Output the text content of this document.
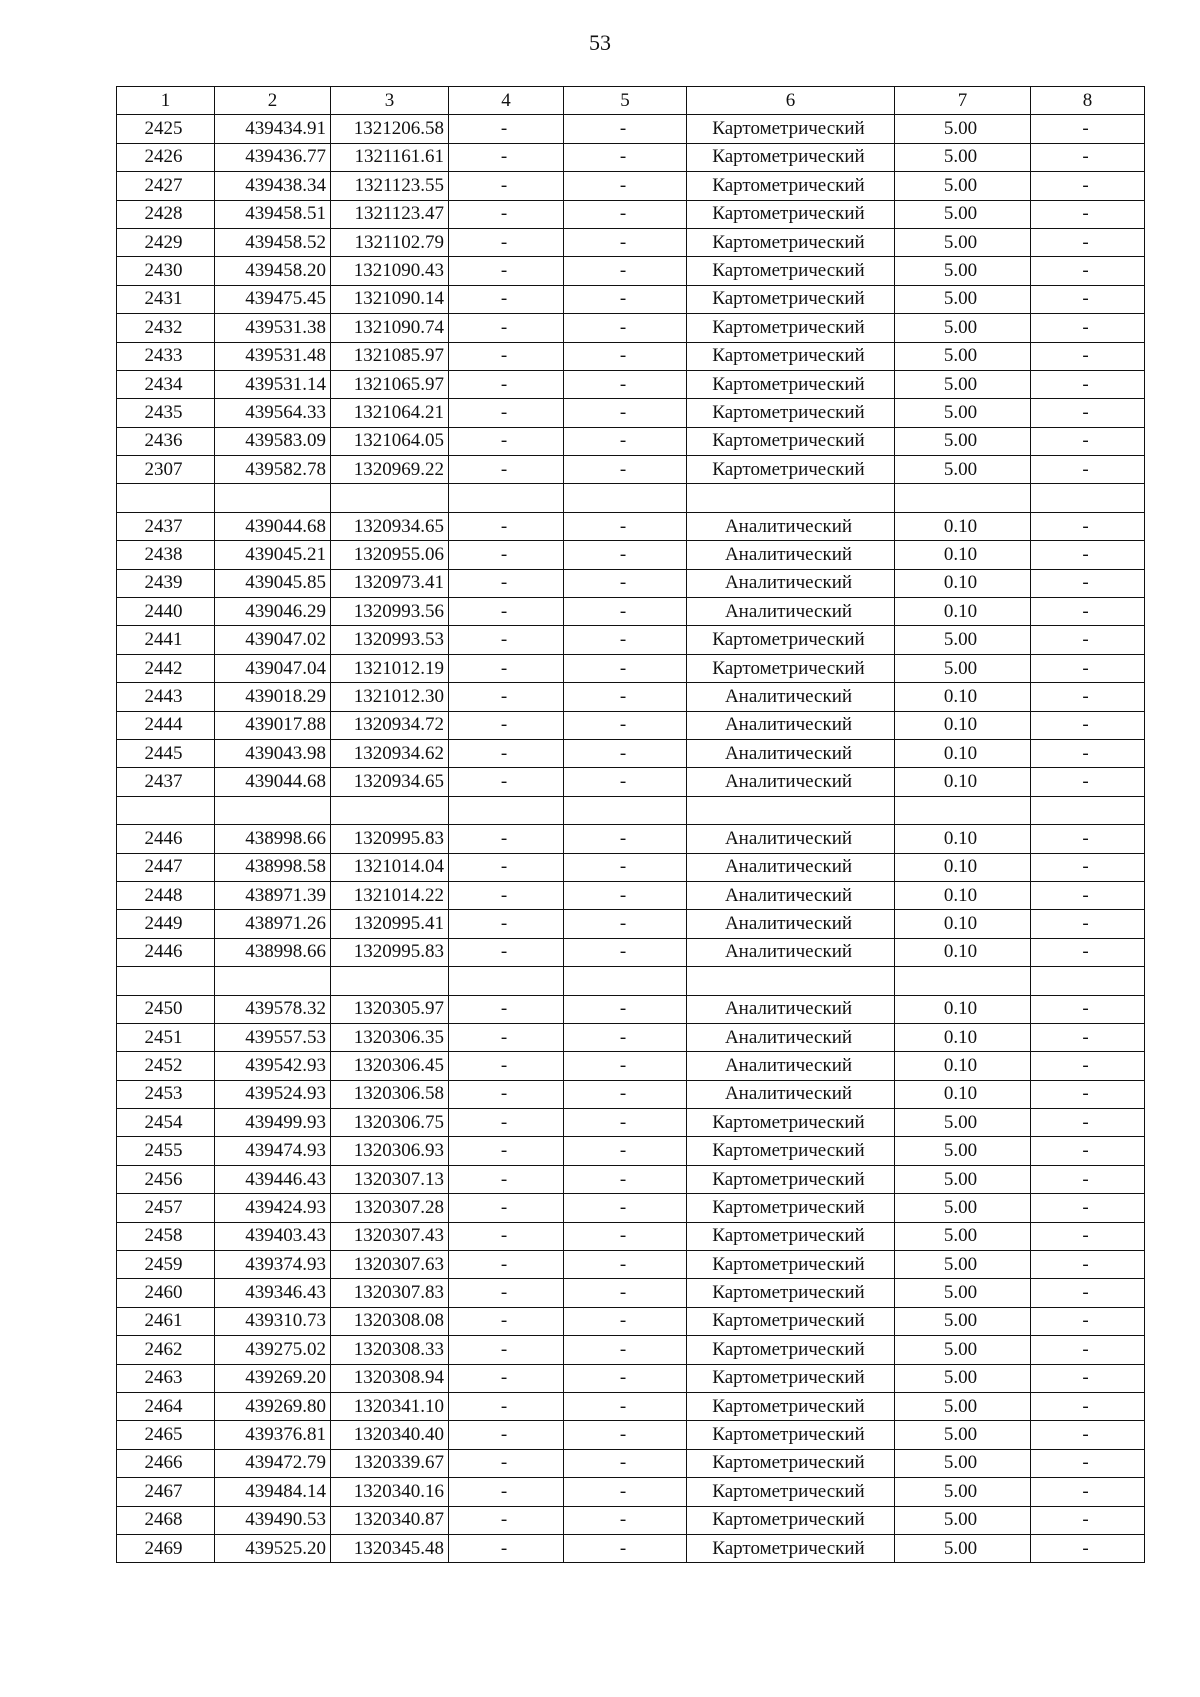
53
1	2	3	4	5	6	7	8
2425	439434.91	1321206.58	-	-	Картометрический	5.00	-
2426	439436.77	1321161.61	-	-	Картометрический	5.00	-
2427	439438.34	1321123.55	-	-	Картометрический	5.00	-
2428	439458.51	1321123.47	-	-	Картометрический	5.00	-
2429	439458.52	1321102.79	-	-	Картометрический	5.00	-
2430	439458.20	1321090.43	-	-	Картометрический	5.00	-
2431	439475.45	1321090.14	-	-	Картометрический	5.00	-
2432	439531.38	1321090.74	-	-	Картометрический	5.00	-
2433	439531.48	1321085.97	-	-	Картометрический	5.00	-
2434	439531.14	1321065.97	-	-	Картометрический	5.00	-
2435	439564.33	1321064.21	-	-	Картометрический	5.00	-
2436	439583.09	1321064.05	-	-	Картометрический	5.00	-
2307	439582.78	1320969.22	-	-	Картометрический	5.00	-

2437	439044.68	1320934.65	-	-	Аналитический	0.10	-
2438	439045.21	1320955.06	-	-	Аналитический	0.10	-
2439	439045.85	1320973.41	-	-	Аналитический	0.10	-
2440	439046.29	1320993.56	-	-	Аналитический	0.10	-
2441	439047.02	1320993.53	-	-	Картометрический	5.00	-
2442	439047.04	1321012.19	-	-	Картометрический	5.00	-
2443	439018.29	1321012.30	-	-	Аналитический	0.10	-
2444	439017.88	1320934.72	-	-	Аналитический	0.10	-
2445	439043.98	1320934.62	-	-	Аналитический	0.10	-
2437	439044.68	1320934.65	-	-	Аналитический	0.10	-

2446	438998.66	1320995.83	-	-	Аналитический	0.10	-
2447	438998.58	1321014.04	-	-	Аналитический	0.10	-
2448	438971.39	1321014.22	-	-	Аналитический	0.10	-
2449	438971.26	1320995.41	-	-	Аналитический	0.10	-
2446	438998.66	1320995.83	-	-	Аналитический	0.10	-

2450	439578.32	1320305.97	-	-	Аналитический	0.10	-
2451	439557.53	1320306.35	-	-	Аналитический	0.10	-
2452	439542.93	1320306.45	-	-	Аналитический	0.10	-
2453	439524.93	1320306.58	-	-	Аналитический	0.10	-
2454	439499.93	1320306.75	-	-	Картометрический	5.00	-
2455	439474.93	1320306.93	-	-	Картометрический	5.00	-
2456	439446.43	1320307.13	-	-	Картометрический	5.00	-
2457	439424.93	1320307.28	-	-	Картометрический	5.00	-
2458	439403.43	1320307.43	-	-	Картометрический	5.00	-
2459	439374.93	1320307.63	-	-	Картометрический	5.00	-
2460	439346.43	1320307.83	-	-	Картометрический	5.00	-
2461	439310.73	1320308.08	-	-	Картометрический	5.00	-
2462	439275.02	1320308.33	-	-	Картометрический	5.00	-
2463	439269.20	1320308.94	-	-	Картометрический	5.00	-
2464	439269.80	1320341.10	-	-	Картометрический	5.00	-
2465	439376.81	1320340.40	-	-	Картометрический	5.00	-
2466	439472.79	1320339.67	-	-	Картометрический	5.00	-
2467	439484.14	1320340.16	-	-	Картометрический	5.00	-
2468	439490.53	1320340.87	-	-	Картометрический	5.00	-
2469	439525.20	1320345.48	-	-	Картометрический	5.00	-
